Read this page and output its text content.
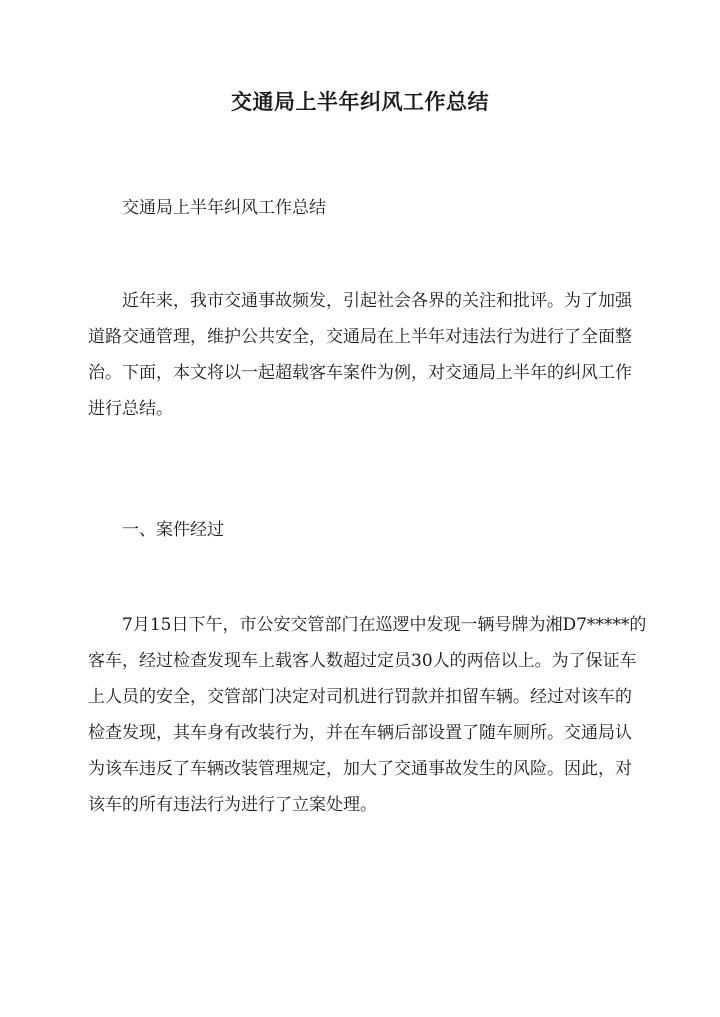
交通局上半年纠风工作总结

交通局上半年纠风工作总结

近年来，我市交通事故频发，引起社会各界的关注和批评。为了加强
道路交通管理，维护公共安全，交通局在上半年对违法行为进行了全面整
治。下面，本文将以一起超载客车案件为例，对交通局上半年的纠风工作
进行总结。

一、案件经过

7月15日下午，市公安交管部门在巡逻中发现一辆号牌为湘D7*****的
客车，经过检查发现车上载客人数超过定员30人的两倍以上。为了保证车
上人员的安全，交管部门决定对司机进行罚款并扣留车辆。经过对该车的
检查发现，其车身有改装行为，并在车辆后部设置了随车厕所。交通局认
为该车违反了车辆改装管理规定，加大了交通事故发生的风险。因此，对
该车的所有违法行为进行了立案处理。
